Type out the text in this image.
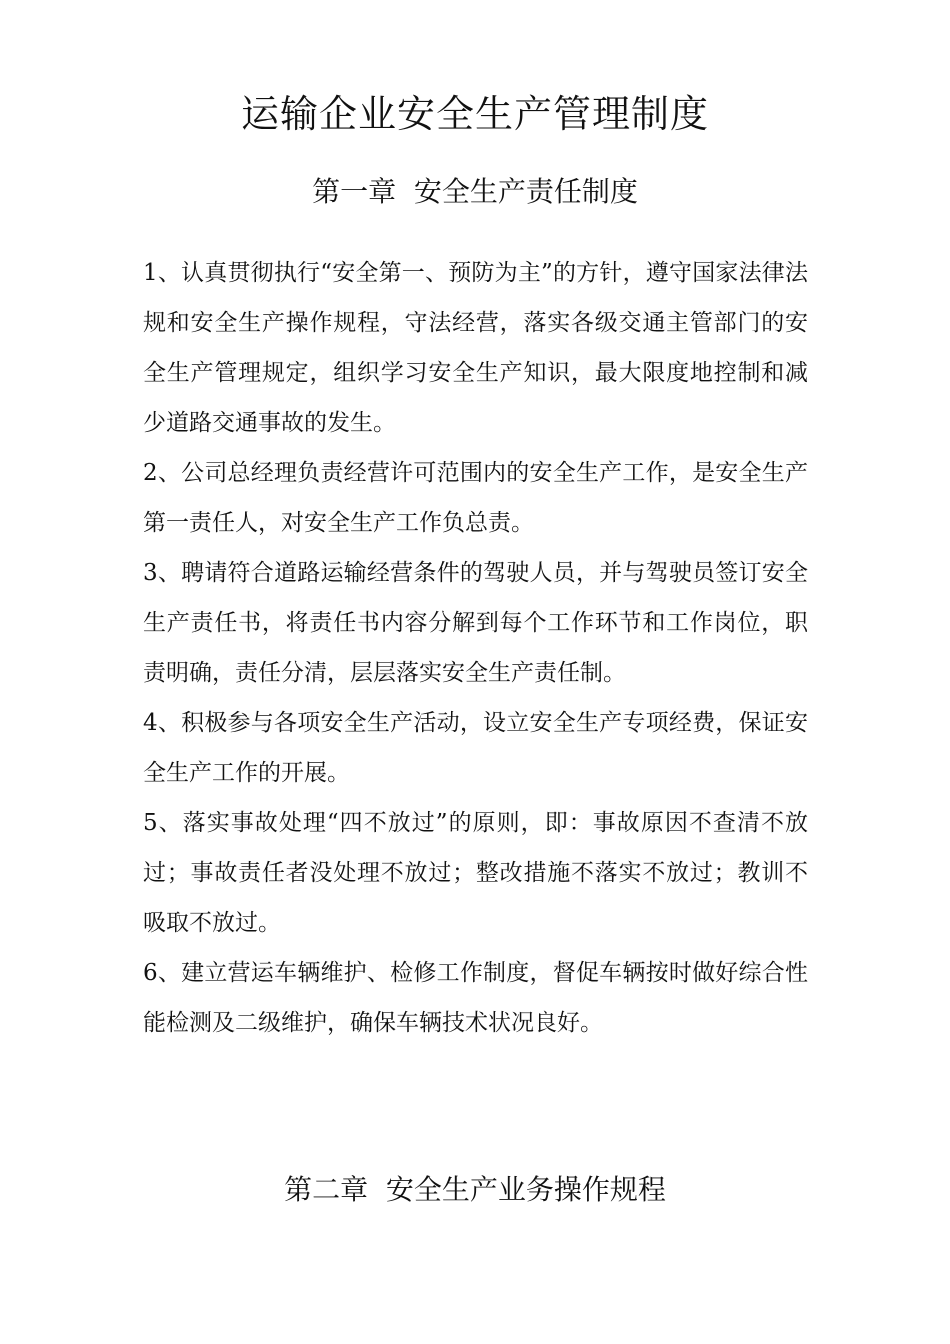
运输企业安全生产管理制度
第一章  安全生产责任制度

1、认真贯彻执行“安全第一、预防为主”的方针，遵守国家法律法规和安全生产操作规程，守法经营，落实各级交通主管部门的安全生产管理规定，组织学习安全生产知识，最大限度地控制和减少道路交通事故的发生。

2、公司总经理负责经营许可范围内的安全生产工作，是安全生产第一责任人，对安全生产工作负总责。

3、聘请符合道路运输经营条件的驾驶人员，并与驾驶员签订安全生产责任书，将责任书内容分解到每个工作环节和工作岗位，职责明确，责任分清，层层落实安全生产责任制。

4、积极参与各项安全生产活动，设立安全生产专项经费，保证安全生产工作的开展。

5、落实事故处理“四不放过”的原则，即：事故原因不查清不放过；事故责任者没处理不放过；整改措施不落实不放过；教训不吸取不放过。

6、建立营运车辆维护、检修工作制度，督促车辆按时做好综合性能检测及二级维护，确保车辆技术状况良好。

第二章  安全生产业务操作规程
